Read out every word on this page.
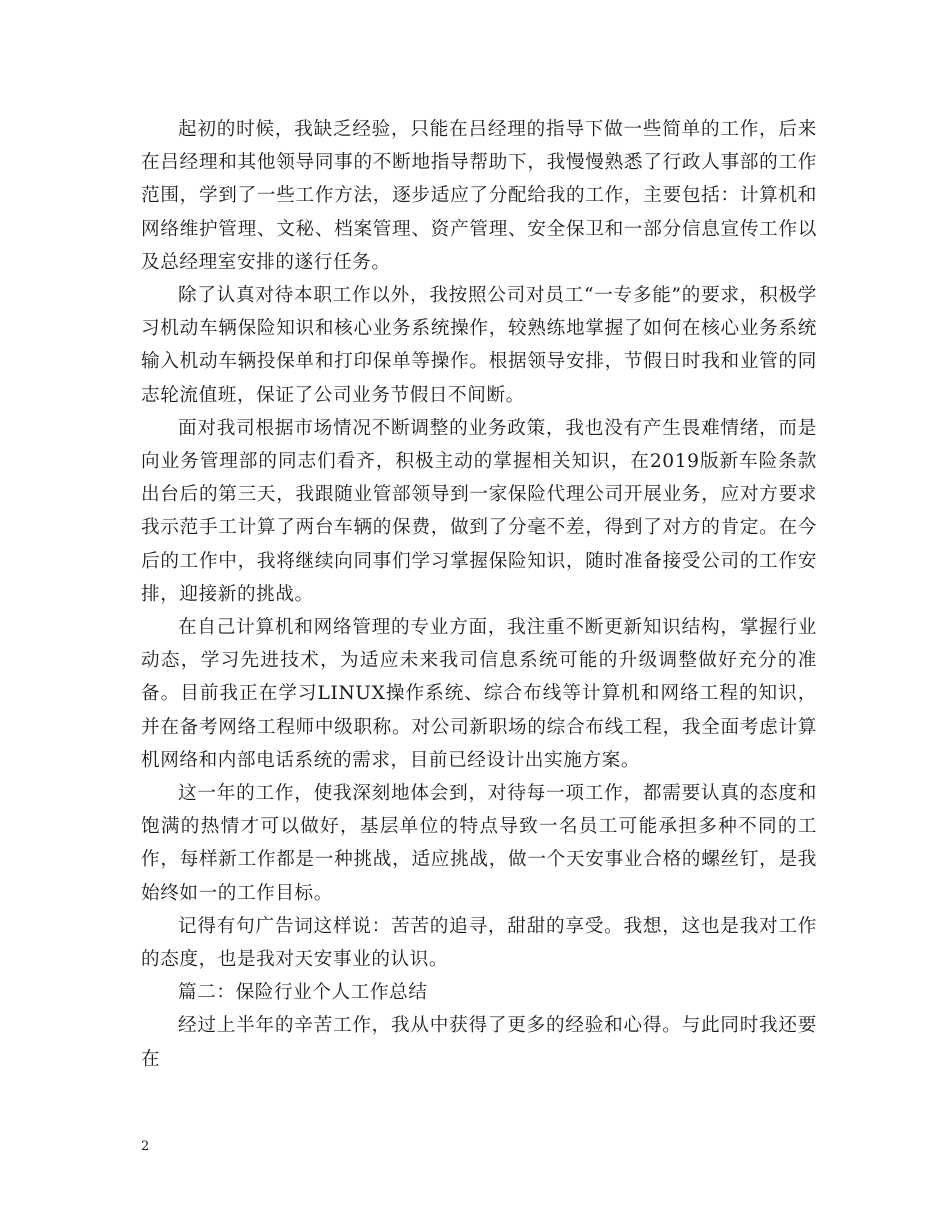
起初的时候，我缺乏经验，只能在吕经理的指导下做一些简单的工作，后来在吕经理和其他领导同事的不断地指导帮助下，我慢慢熟悉了行政人事部的工作范围，学到了一些工作方法，逐步适应了分配给我的工作，主要包括：计算机和网络维护管理、文秘、档案管理、资产管理、安全保卫和一部分信息宣传工作以及总经理室安排的遂行任务。

除了认真对待本职工作以外，我按照公司对员工“一专多能”的要求，积极学习机动车辆保险知识和核心业务系统操作，较熟练地掌握了如何在核心业务系统输入机动车辆投保单和打印保单等操作。根据领导安排，节假日时我和业管的同志轮流值班，保证了公司业务节假日不间断。

面对我司根据市场情况不断调整的业务政策，我也没有产生畏难情绪，而是向业务管理部的同志们看齐，积极主动的掌握相关知识，在2019版新车险条款出台后的第三天，我跟随业管部领导到一家保险代理公司开展业务，应对方要求我示范手工计算了两台车辆的保费，做到了分毫不差，得到了对方的肯定。在今后的工作中，我将继续向同事们学习掌握保险知识，随时准备接受公司的工作安排，迎接新的挑战。

在自己计算机和网络管理的专业方面，我注重不断更新知识结构，掌握行业动态，学习先进技术，为适应未来我司信息系统可能的升级调整做好充分的准备。目前我正在学习LINUX操作系统、综合布线等计算机和网络工程的知识，并在备考网络工程师中级职称。对公司新职场的综合布线工程，我全面考虑计算机网络和内部电话系统的需求，目前已经设计出实施方案。

这一年的工作，使我深刻地体会到，对待每一项工作，都需要认真的态度和饱满的热情才可以做好，基层单位的特点导致一名员工可能承担多种不同的工作，每样新工作都是一种挑战，适应挑战，做一个天安事业合格的螺丝钉，是我始终如一的工作目标。

记得有句广告词这样说：苦苦的追寻，甜甜的享受。我想，这也是我对工作的态度，也是我对天安事业的认识。

篇二：保险行业个人工作总结

经过上半年的辛苦工作，我从中获得了更多的经验和心得。与此同时我还要在

2
